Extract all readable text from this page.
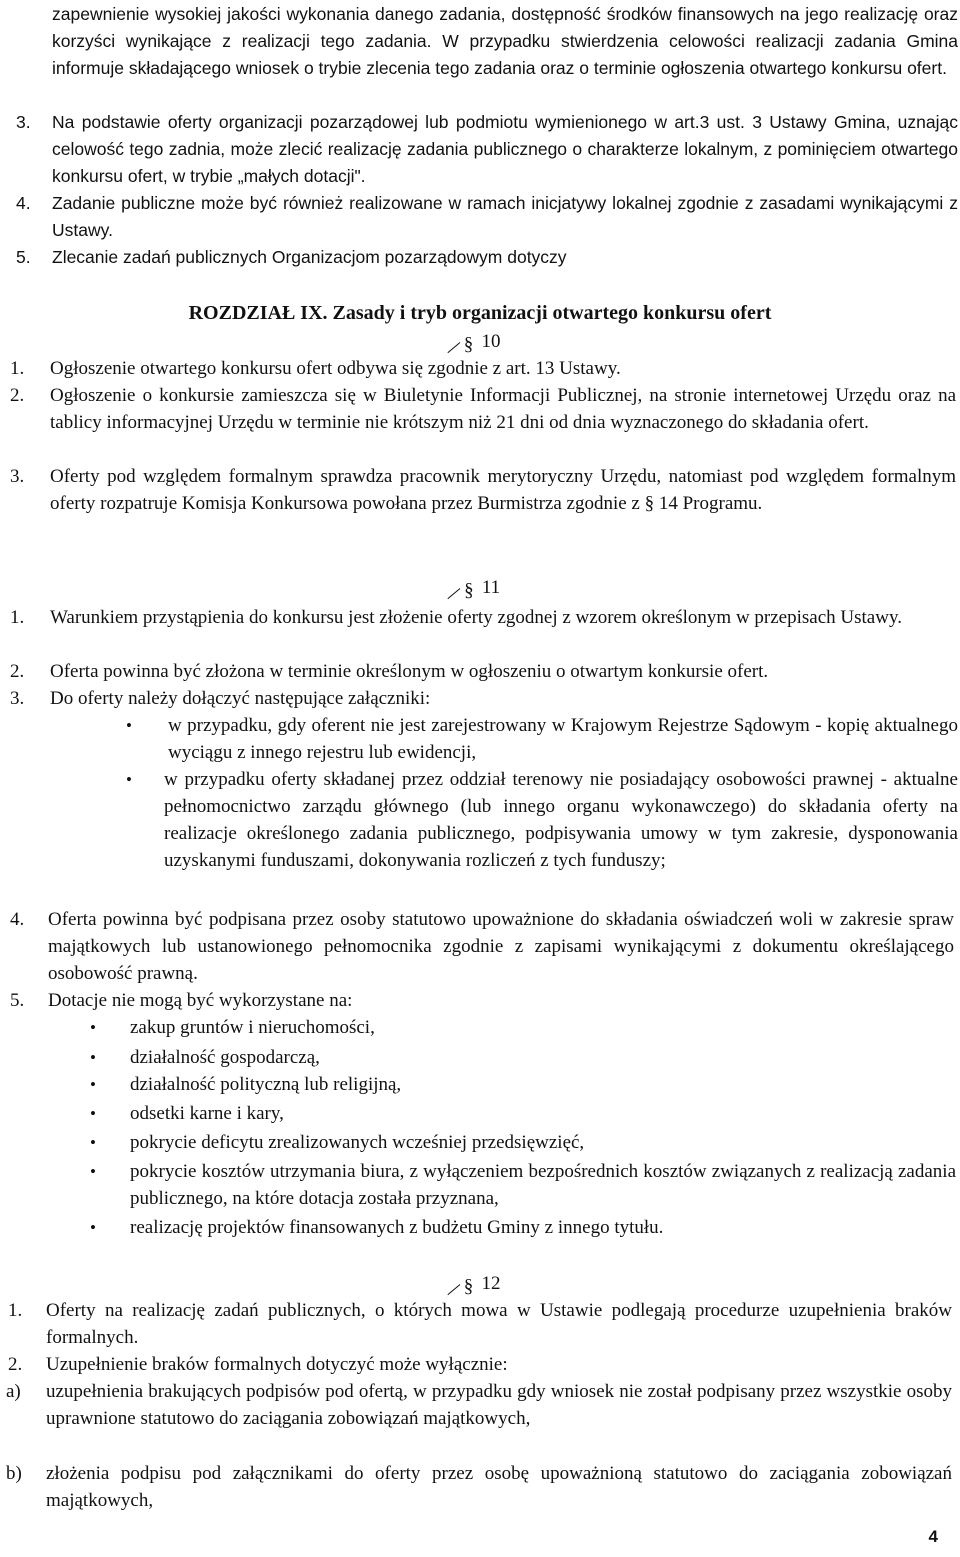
zapewnienie wysokiej jakości wykonania danego zadania, dostępność środków finansowych na jego realizację oraz korzyści wynikające z realizacji tego zadania. W przypadku stwierdzenia celowości realizacji zadania Gmina informuje składającego wniosek o trybie zlecenia tego zadania oraz o terminie ogłoszenia otwartego konkursu ofert.
3. Na podstawie oferty organizacji pozarządowej lub podmiotu wymienionego w art.3 ust. 3 Ustawy Gmina, uznając celowość tego zadnia, może zlecić realizację zadania publicznego o charakterze lokalnym, z pominięciem otwartego konkursu ofert, w trybie „małych dotacji".
4. Zadanie publiczne może być również realizowane w ramach inicjatywy lokalnej zgodnie z zasadami wynikającymi z Ustawy.
5. Zlecanie zadań publicznych Organizacjom pozarządowym dotyczy
ROZDZIAŁ IX. Zasady i tryb organizacji otwartego konkursu ofert
§ 10
1. Ogłoszenie otwartego konkursu ofert odbywa się zgodnie z art. 13 Ustawy.
2. Ogłoszenie o konkursie zamieszcza się w Biuletynie Informacji Publicznej, na stronie internetowej Urzędu oraz na tablicy informacyjnej Urzędu w terminie nie krótszym niż 21 dni od dnia wyznaczonego do składania ofert.
3. Oferty pod względem formalnym sprawdza pracownik merytoryczny Urzędu, natomiast pod względem formalnym oferty rozpatruje Komisja Konkursowa powołana przez Burmistrza zgodnie z § 14 Programu.
§ 11
1. Warunkiem przystąpienia do konkursu jest złożenie oferty zgodnej z wzorem określonym w przepisach Ustawy.
2. Oferta powinna być złożona w terminie określonym w ogłoszeniu o otwartym konkursie ofert.
3. Do oferty należy dołączyć następujące załączniki:
• w przypadku, gdy oferent nie jest zarejestrowany w Krajowym Rejestrze Sądowym - kopię aktualnego wyciągu z innego rejestru lub ewidencji,
• w przypadku oferty składanej przez oddział terenowy nie posiadający osobowości prawnej - aktualne pełnomocnictwo zarządu głównego (lub innego organu wykonawczego) do składania oferty na realizacje określonego zadania publicznego, podpisywania umowy w tym zakresie, dysponowania uzyskanymi funduszami, dokonywania rozliczeń z tych funduszy;
4. Oferta powinna być podpisana przez osoby statutowo upoważnione do składania oświadczeń woli w zakresie spraw majątkowych lub ustanowionego pełnomocnika zgodnie z zapisami wynikającymi z dokumentu określającego osobowość prawną.
5. Dotacje nie mogą być wykorzystane na:
• zakup gruntów i nieruchomości,
• działalność gospodarczą,
• działalność polityczną lub religijną,
• odsetki karne i kary,
• pokrycie deficytu zrealizowanych wcześniej przedsięwzięć,
• pokrycie kosztów utrzymania biura, z wyłączeniem bezpośrednich kosztów związanych z realizacją zadania publicznego, na które dotacja została przyznana,
• realizację projektów finansowanych z budżetu Gminy z innego tytułu.
§ 12
1. Oferty na realizację zadań publicznych, o których mowa w Ustawie podlegają procedurze uzupełnienia braków formalnych.
2. Uzupełnienie braków formalnych dotyczyć może wyłącznie:
a) uzupełnienia brakujących podpisów pod ofertą, w przypadku gdy wniosek nie został podpisany przez wszystkie osoby uprawnione statutowo do zaciągania zobowiązań majątkowych,
b) złożenia podpisu pod załącznikami do oferty przez osobę upoważnioną statutowo do zaciągania zobowiązań majątkowych,
4
